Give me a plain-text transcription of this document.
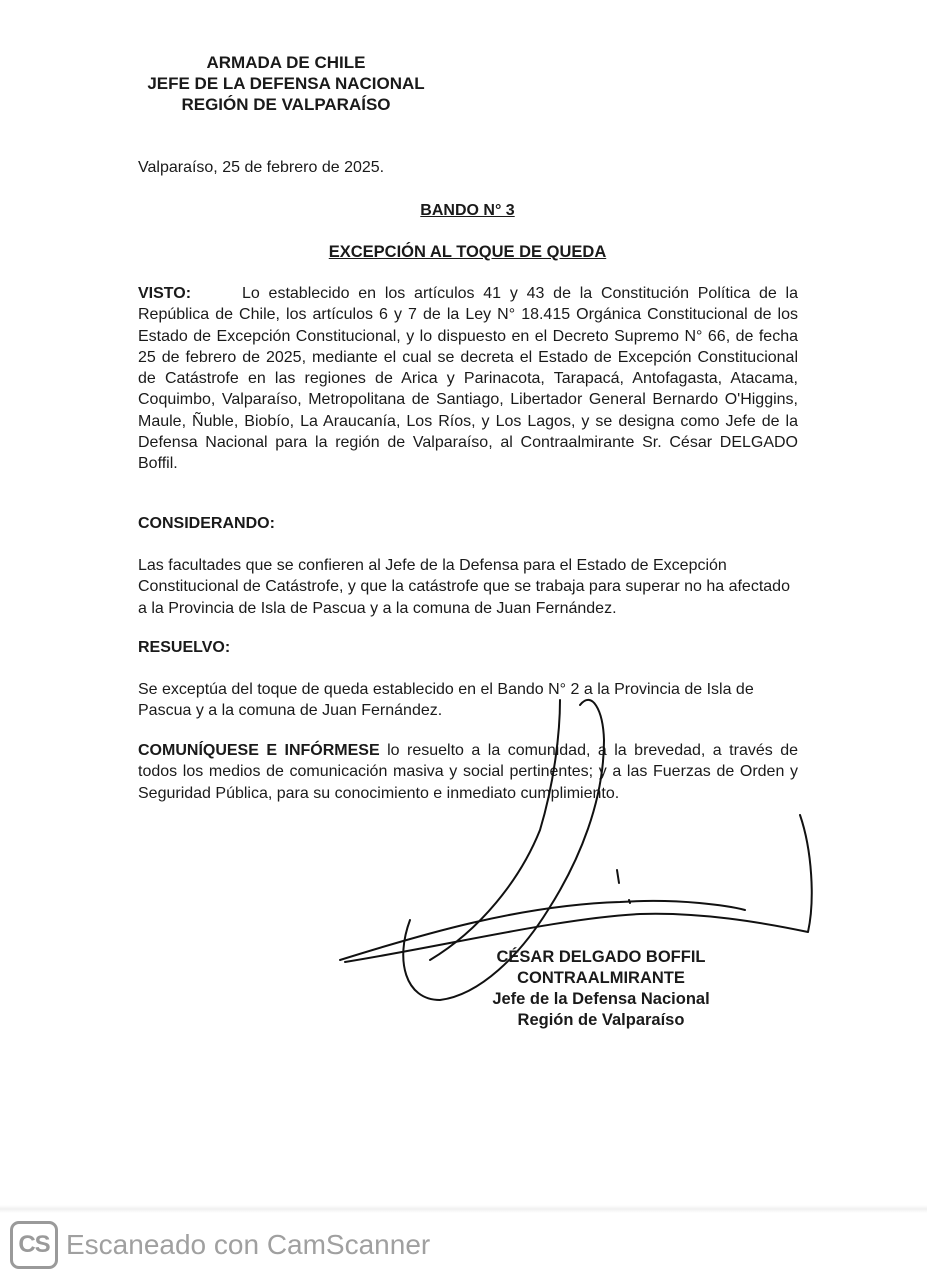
ARMADA DE CHILE
JEFE DE LA DEFENSA NACIONAL
REGIÓN DE VALPARAÍSO
Valparaíso, 25 de febrero de 2025.
BANDO N° 3
EXCEPCIÓN AL TOQUE DE QUEDA
VISTO:	Lo establecido en los artículos 41 y 43 de la Constitución Política de la República de Chile, los artículos 6 y 7 de la Ley N° 18.415 Orgánica Constitucional de los Estado de Excepción Constitucional, y lo dispuesto en el Decreto Supremo N° 66, de fecha 25 de febrero de 2025, mediante el cual se decreta el Estado de Excepción Constitucional de Catástrofe en las regiones de Arica y Parinacota, Tarapacá, Antofagasta, Atacama, Coquimbo, Valparaíso, Metropolitana de Santiago, Libertador General Bernardo O'Higgins, Maule, Ñuble, Biobío, La Araucanía, Los Ríos, y Los Lagos, y se designa como Jefe de la Defensa Nacional para la región de Valparaíso, al Contraalmirante Sr. César DELGADO Boffil.
CONSIDERANDO:
Las facultades que se confieren al Jefe de la Defensa para el Estado de Excepción Constitucional de Catástrofe, y que la catástrofe que se trabaja para superar no ha afectado a la Provincia de Isla de Pascua y a la comuna de Juan Fernández.
RESUELVO:
Se exceptúa del toque de queda establecido en el Bando N° 2 a la Provincia de Isla de Pascua y a la comuna de Juan Fernández.
COMUNÍQUESE E INFÓRMESE lo resuelto a la comunidad, a la brevedad, a través de todos los medios de comunicación masiva y social pertinentes; y a las Fuerzas de Orden y Seguridad Pública, para su conocimiento e inmediato cumplimiento.
CÉSAR DELGADO BOFFIL
CONTRAALMIRANTE
Jefe de la Defensa Nacional
Región de Valparaíso
CS Escaneado con CamScanner
